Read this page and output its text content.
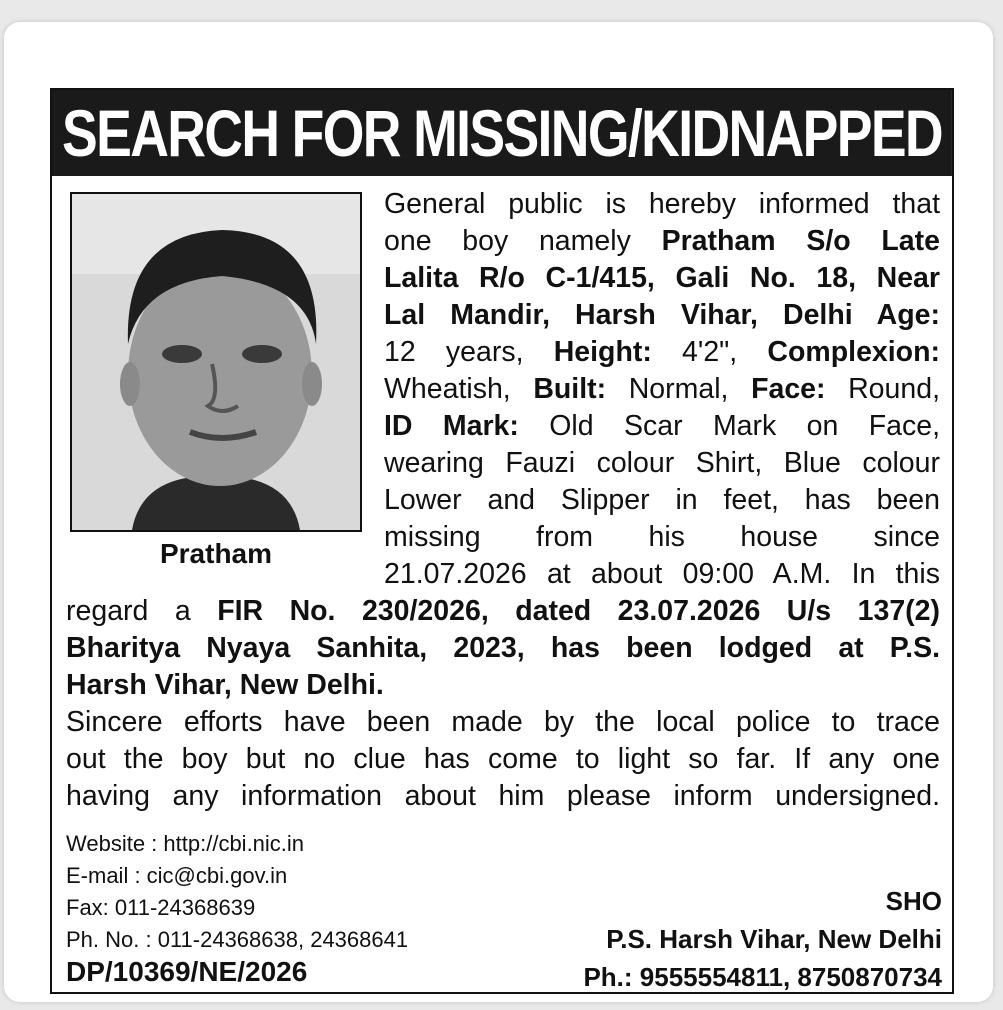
SEARCH FOR MISSING/KIDNAPPED
Pratham
General public is hereby informed that
one boy namely Pratham S/o Late
Lalita R/o C-1/415, Gali No. 18, Near
Lal Mandir, Harsh Vihar, Delhi Age:
12 years, Height: 4'2", Complexion:
Wheatish, Built: Normal, Face: Round,
ID Mark: Old Scar Mark on Face,
wearing Fauzi colour Shirt, Blue colour
Lower and Slipper in feet, has been
missing from his house since
21.07.2026 at about 09:00 A.M. In this
regard a FIR No. 230/2026, dated 23.07.2026 U/s 137(2)
Bharitya Nyaya Sanhita, 2023, has been lodged at P.S.
Harsh Vihar, New Delhi.
Sincere efforts have been made by the local police to trace
out the boy but no clue has come to light so far. If any one
having any information about him please inform undersigned.
Website : http://cbi.nic.in
E-mail : cic@cbi.gov.in
Fax: 011-24368639
Ph. No. : 011-24368638, 24368641
DP/10369/NE/2026
SHO
P.S. Harsh Vihar, New Delhi
Ph.: 9555554811, 8750870734
